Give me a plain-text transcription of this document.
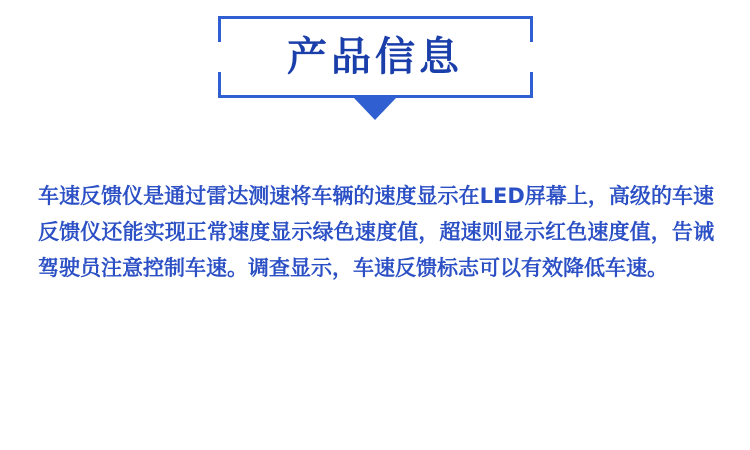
产品信息

车速反馈仪是通过雷达测速将车辆的速度显示在LED屏幕上，高级的车速反馈仪还能实现正常速度显示绿色速度值，超速则显示红色速度值，告诫驾驶员注意控制车速。调查显示，车速反馈标志可以有效降低车速。
